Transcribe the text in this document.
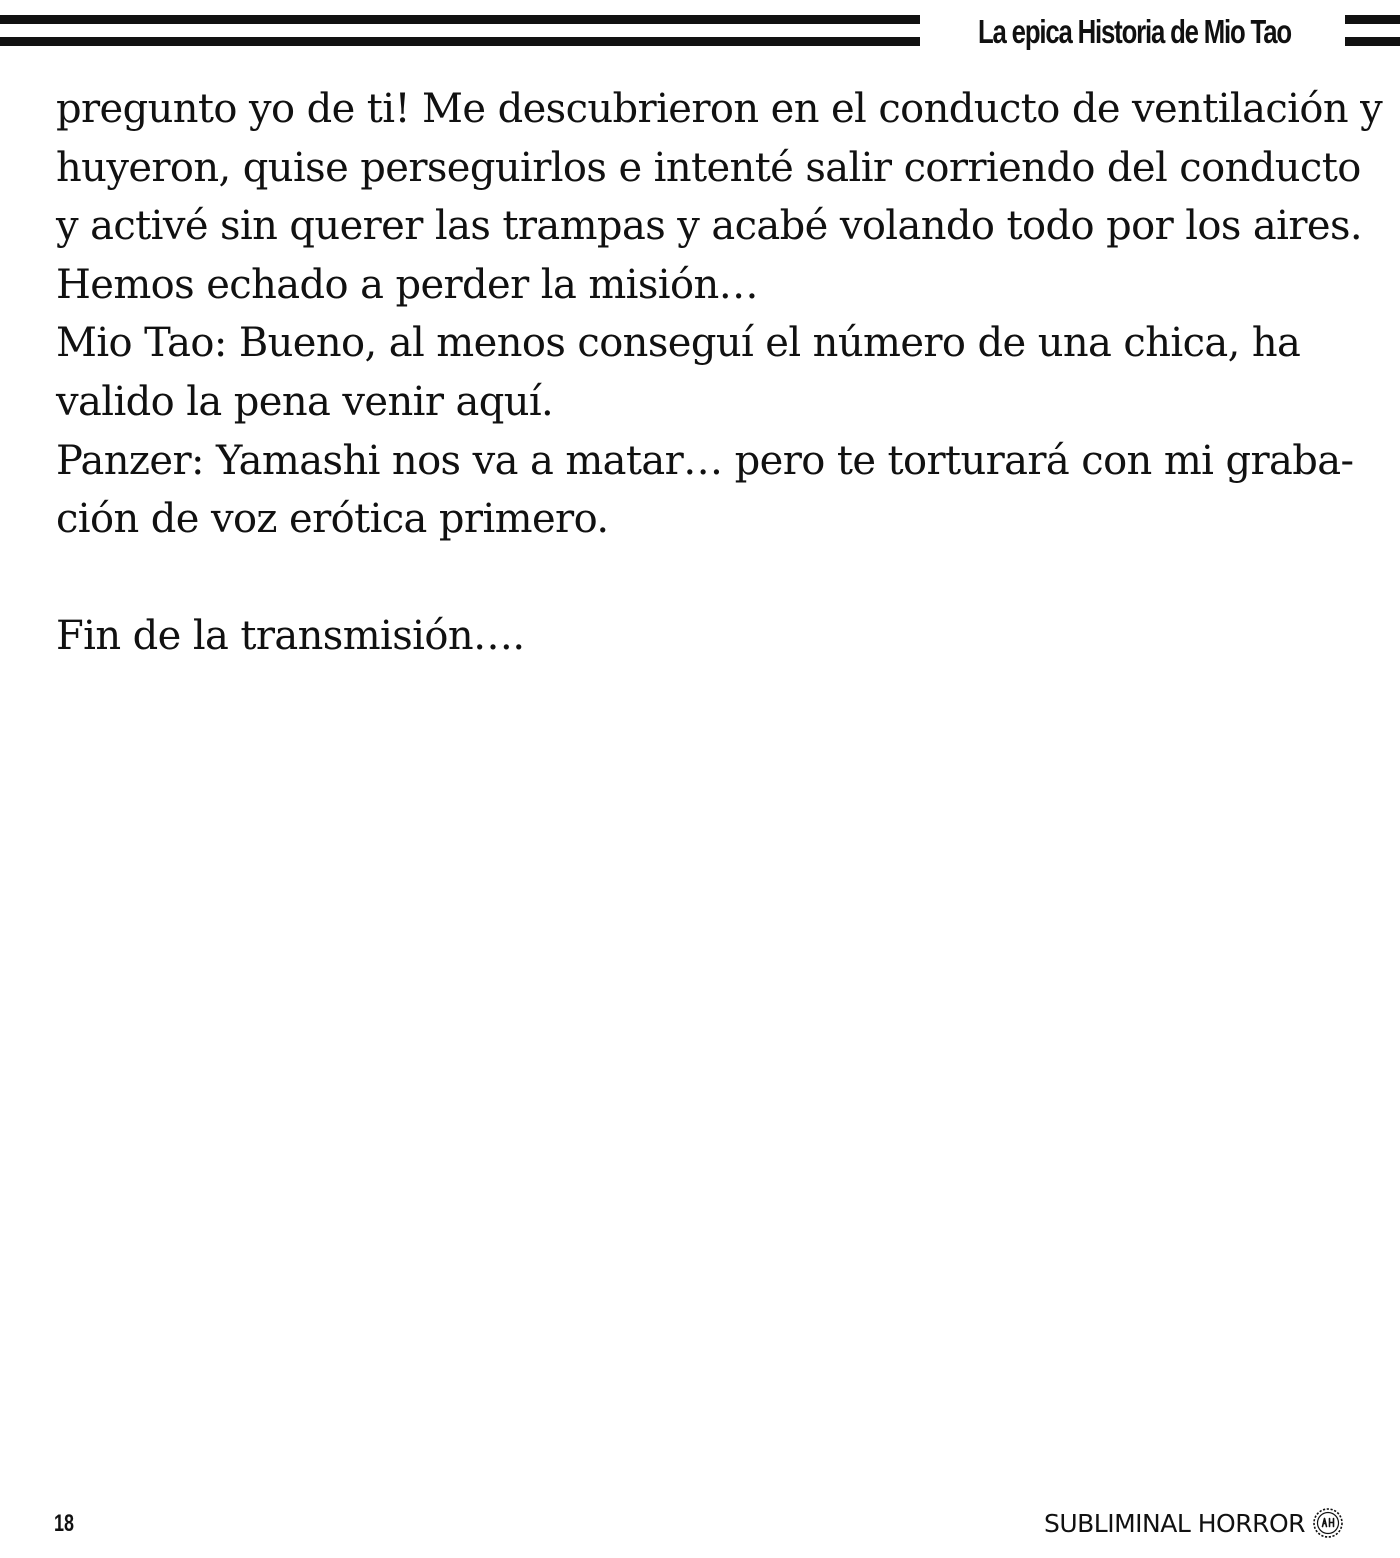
La epica Historia de Mio Tao

pregunto yo de ti! Me descubrieron en el conducto de ventilación y

huyeron, quise perseguirlos e intenté salir corriendo del conducto

y activé sin querer las trampas y acabé volando todo por los aires.

Hemos echado a perder la misión…

Mio Tao: Bueno, al menos conseguí el número de una chica, ha

valido la pena venir aquí.

Panzer: Yamashi nos va a matar… pero te torturará con mi graba-

ción de voz erótica primero.

Fin de la transmisión….

18	SUBLIMINAL HORROR
